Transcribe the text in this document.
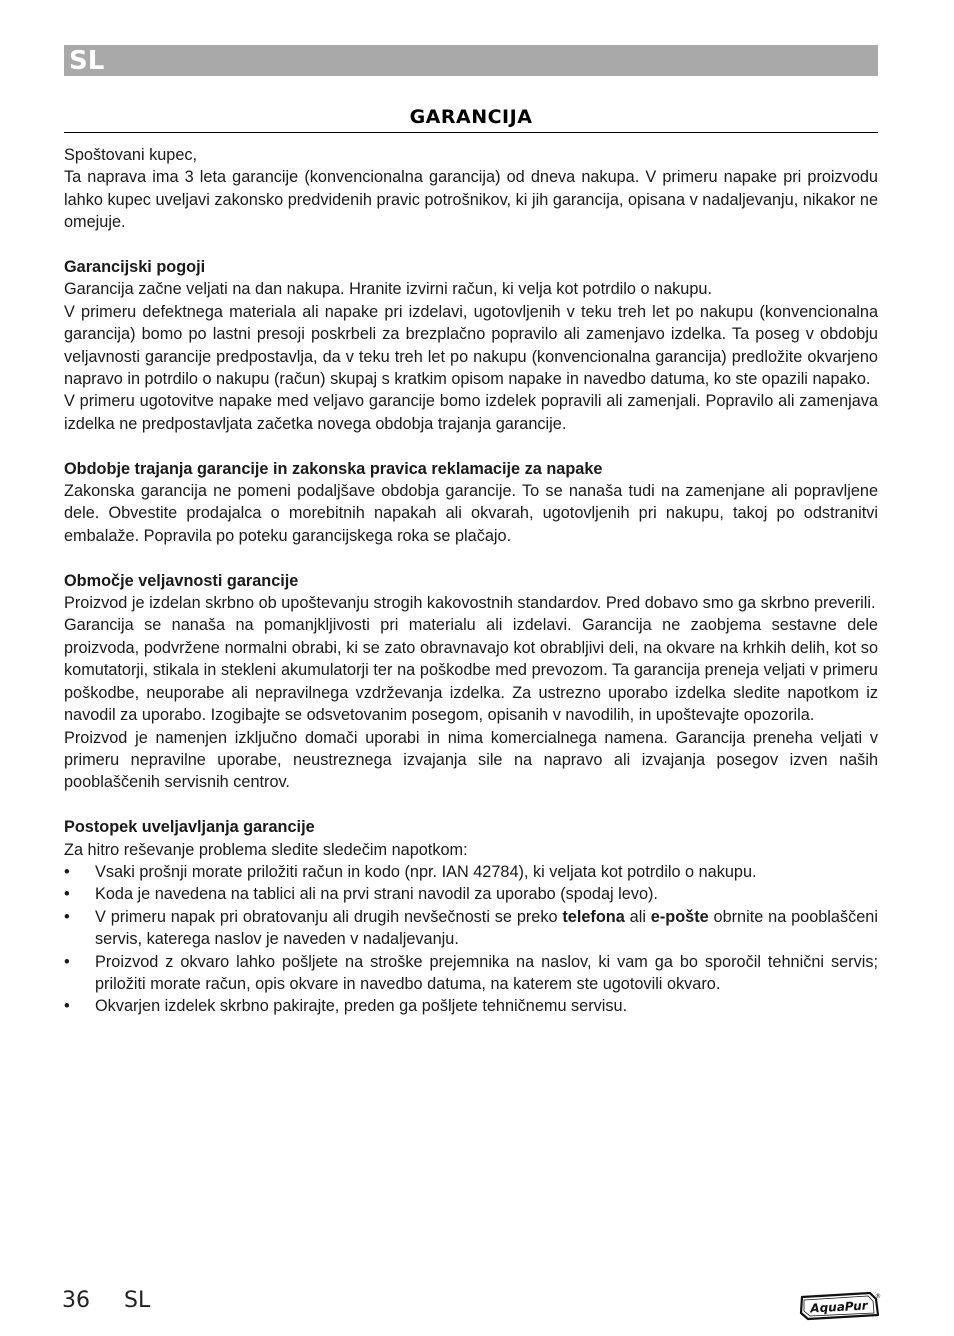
SL
GARANCIJA

Spoštovani kupec,

Ta naprava ima 3 leta garancije (konvencionalna garancija) od dneva nakupa. V primeru napake pri proizvodu lahko kupec uveljavi zakonsko predvidenih pravic potrošnikov, ki jih garancija, opisana v nadaljevanju, nikakor ne omejuje.

Garancijski pogoji

Garancija začne veljati na dan nakupa. Hranite izvirni račun, ki velja kot potrdilo o nakupu.

V primeru defektnega materiala ali napake pri izdelavi, ugotovljenih v teku treh let po nakupu (konvencionalna garancija) bomo po lastni presoji poskrbeli za brezplačno popravilo ali zamenjavo izdelka. Ta poseg v obdobju veljavnosti garancije predpostavlja, da v teku treh let po nakupu (konvencionalna garancija) predložite okvarjeno napravo in potrdilo o nakupu (račun) skupaj s kratkim opisom napake in navedbo datuma, ko ste opazili napako.

V primeru ugotovitve napake med veljavo garancije bomo izdelek popravili ali zamenjali. Popravilo ali zamenjava izdelka ne predpostavljata začetka novega obdobja trajanja garancije.

Obdobje trajanja garancije in zakonska pravica reklamacije za napake

Zakonska garancija ne pomeni podaljšave obdobja garancije. To se nanaša tudi na zamenjane ali popravljene dele. Obvestite prodajalca o morebitnih napakah ali okvarah, ugotovljenih pri nakupu, takoj po odstranitvi embalaže. Popravila po poteku garancijskega roka se plačajo.

Območje veljavnosti garancije

Proizvod je izdelan skrbno ob upoštevanju strogih kakovostnih standardov. Pred dobavo smo ga skrbno preverili.

Garancija se nanaša na pomanjkljivosti pri materialu ali izdelavi. Garancija ne zaobjema sestavne dele proizvoda, podvržene normalni obrabi, ki se zato obravnavajo kot obrabljivi deli, na okvare na krhkih delih, kot so komutatorji, stikala in stekleni akumulatorji ter na poškodbe med prevozom. Ta garancija preneja veljati v primeru poškodbe, neuporabe ali nepravilnega vzdrževanja izdelka. Za ustrezno uporabo izdelka sledite napotkom iz navodil za uporabo. Izogibajte se odsvetovanim posegom, opisanih v navodilih, in upoštevajte opozorila.

Proizvod je namenjen izključno domači uporabi in nima komercialnega namena. Garancija preneha veljati v primeru nepravilne uporabe, neustreznega izvajanja sile na napravo ali izvajanja posegov izven naših pooblaščenih servisnih centrov.

Postopek uveljavljanja garancije

Za hitro reševanje problema sledite sledečim napotkom:

• Vsaki prošnji morate priložiti račun in kodo (npr. IAN 42784), ki veljata kot potrdilo o nakupu.
• Koda je navedena na tablici ali na prvi strani navodil za uporabo (spodaj levo).
• V primeru napak pri obratovanju ali drugih nevšečnosti se preko telefona ali e-pošte obrnite na pooblaščeni servis, katerega naslov je naveden v nadaljevanju.
• Proizvod z okvaro lahko pošljete na stroške prejemnika na naslov, ki vam ga bo sporočil tehnični servis; priložiti morate račun, opis okvare in navedbo datuma, na katerem ste ugotovili okvaro.
• Okvarjen izdelek skrbno pakirajte, preden ga pošljete tehničnemu servisu.
36 SL	AquaPur
®
